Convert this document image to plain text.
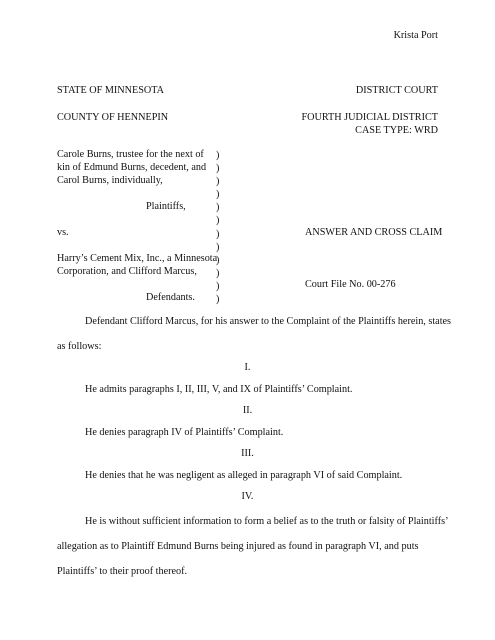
Krista Port
STATE OF MINNESOTA	DISTRICT COURT
COUNTY OF HENNEPIN	FOURTH JUDICIAL DISTRICT
CASE TYPE: WRD
Carole Burns, trustee for the next of
kin of Edmund Burns, decedent, and
Carol Burns, individually,
Plaintiffs,
vs.
Harry’s Cement Mix, Inc., a Minnesota
Corporation, and Clifford Marcus,
Defendants.
)
)
)
)
)
)
)
)
)
)
)
)
ANSWER AND CROSS CLAIM
Court File No. 00-276
Defendant Clifford Marcus, for his answer to the Complaint of the Plaintiffs herein, states
as follows:
I.
He admits paragraphs I, II, III, V, and IX of Plaintiffs’ Complaint.
II.
He denies paragraph IV of Plaintiffs’ Complaint.
III.
He denies that he was negligent as alleged in paragraph VI of said Complaint.
IV.
He is without sufficient information to form a belief as to the truth or falsity of Plaintiffs’
allegation as to Plaintiff Edmund Burns being injured as found in paragraph VI, and puts
Plaintiffs’ to their proof thereof.
